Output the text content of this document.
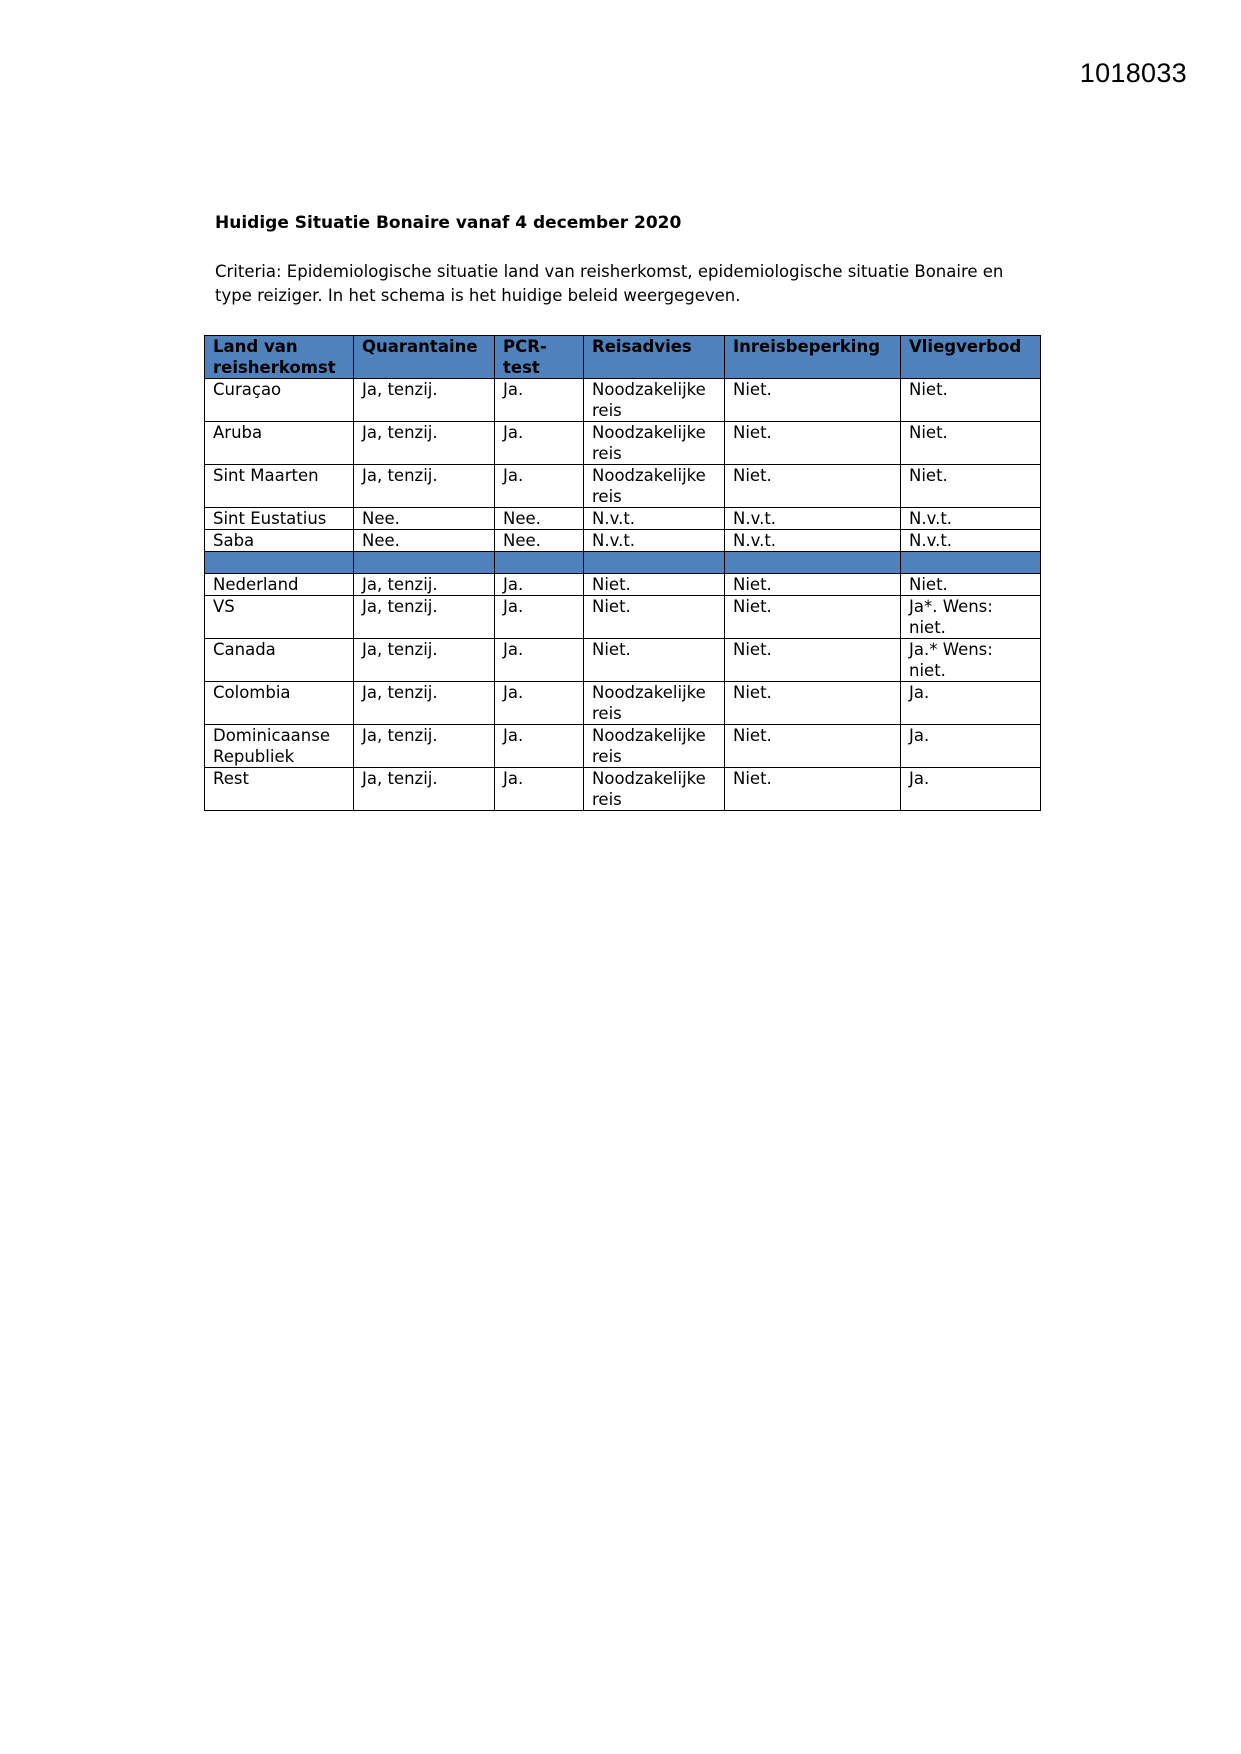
1018033
Huidige Situatie Bonaire vanaf 4 december 2020

Criteria: Epidemiologische situatie land van reisherkomst, epidemiologische situatie Bonaire en type reiziger. In het schema is het huidige beleid weergegeven.

Land van reisherkomst	Quarantaine	PCR-test	Reisadvies	Inreisbeperking	Vliegverbod
Curaçao	Ja, tenzij.	Ja.	Noodzakelijke reis	Niet.	Niet.
Aruba	Ja, tenzij.	Ja.	Noodzakelijke reis	Niet.	Niet.
Sint Maarten	Ja, tenzij.	Ja.	Noodzakelijke reis	Niet.	Niet.
Sint Eustatius	Nee.	Nee.	N.v.t.	N.v.t.	N.v.t.
Saba	Nee.	Nee.	N.v.t.	N.v.t.	N.v.t.

Nederland	Ja, tenzij.	Ja.	Niet.	Niet.	Niet.
VS	Ja, tenzij.	Ja.	Niet.	Niet.	Ja*. Wens: niet.
Canada	Ja, tenzij.	Ja.	Niet.	Niet.	Ja.* Wens: niet.
Colombia	Ja, tenzij.	Ja.	Noodzakelijke reis	Niet.	Ja.
Dominicaanse Republiek	Ja, tenzij.	Ja.	Noodzakelijke reis	Niet.	Ja.
Rest	Ja, tenzij.	Ja.	Noodzakelijke reis	Niet.	Ja.
